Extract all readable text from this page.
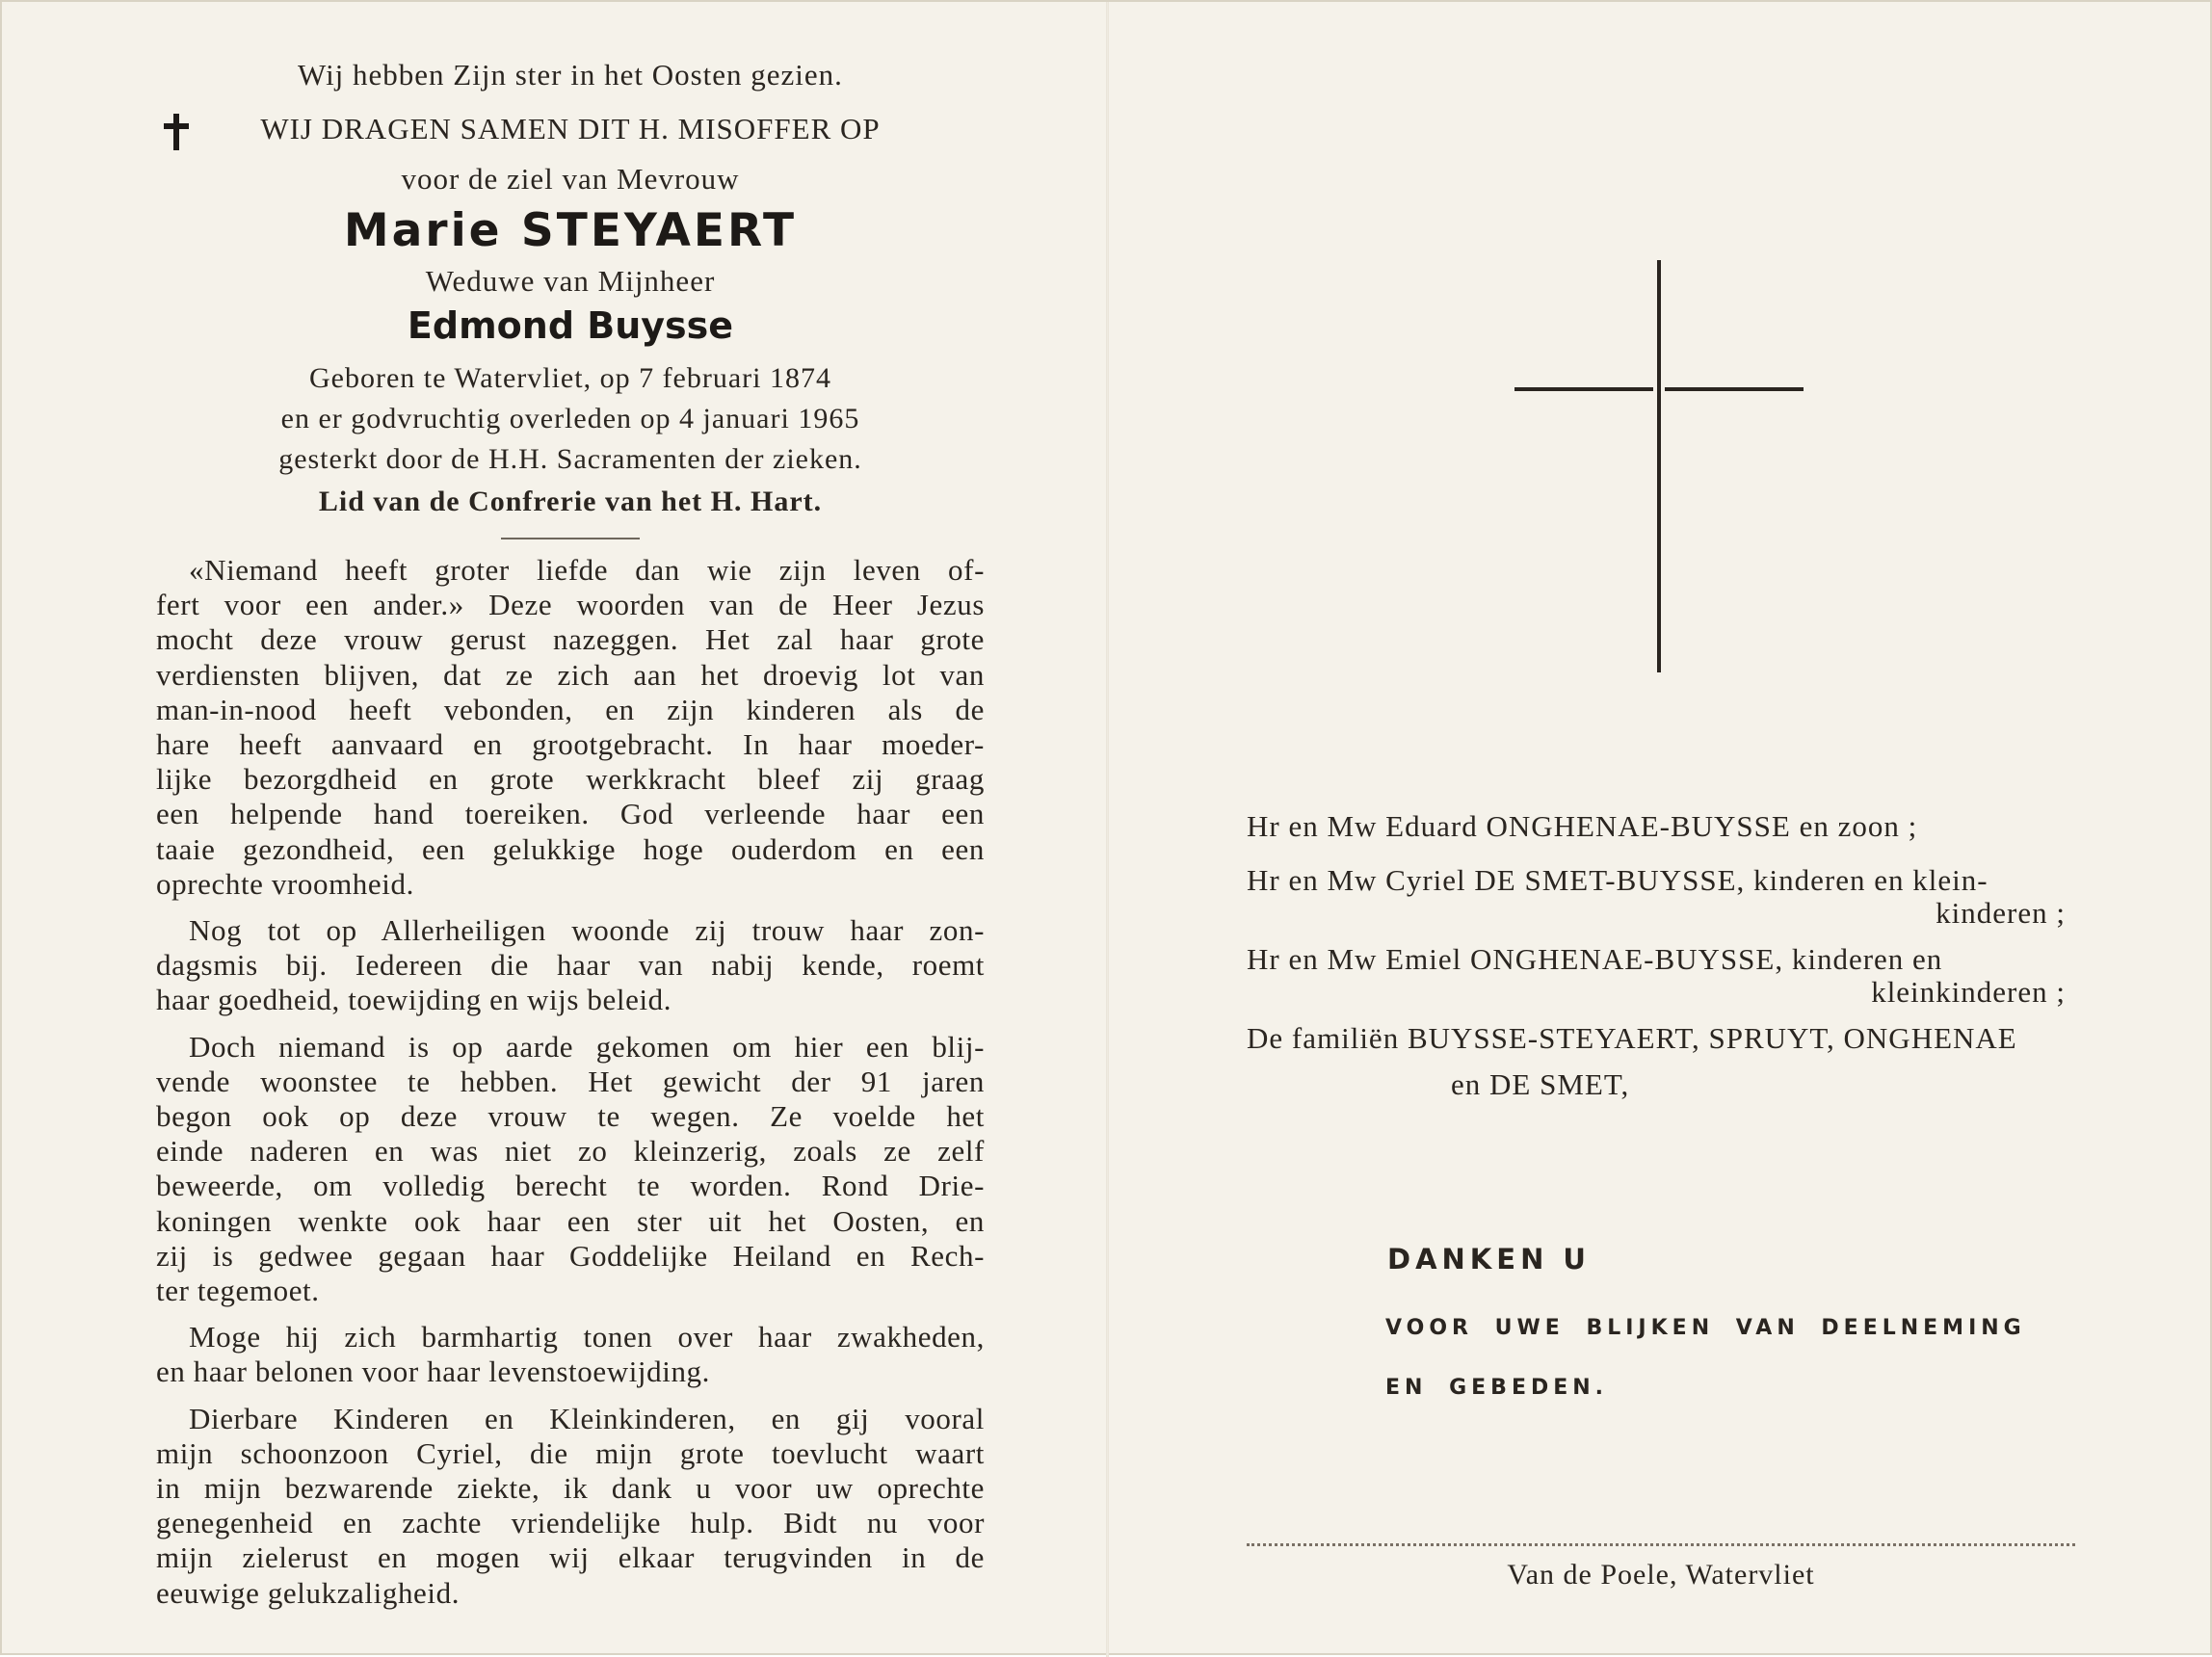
Wij hebben Zijn ster in het Oosten gezien.
WIJ DRAGEN SAMEN DIT H. MISOFFER OP
voor de ziel van Mevrouw
Marie STEYAERT
Weduwe van Mijnheer
Edmond Buysse
Geboren te Watervliet, op 7 februari 1874
en er godvruchtig overleden op 4 januari 1965
gesterkt door de H.H. Sacramenten der zieken.
Lid van de Confrerie van het H. Hart.
«Niemand heeft groter liefde dan wie zijn leven of-
fert voor een ander.» Deze woorden van de Heer Jezus
mocht deze vrouw gerust nazeggen. Het zal haar grote
verdiensten blijven, dat ze zich aan het droevig lot van
man-in-nood heeft vebonden, en zijn kinderen als de
hare heeft aanvaard en grootgebracht. In haar moeder-
lijke bezorgdheid en grote werkkracht bleef zij graag
een helpende hand toereiken. God verleende haar een
taaie gezondheid, een gelukkige hoge ouderdom en een
oprechte vroomheid.
Nog tot op Allerheiligen woonde zij trouw haar zon-
dagsmis bij. Iedereen die haar van nabij kende, roemt
haar goedheid, toewijding en wijs beleid.
Doch niemand is op aarde gekomen om hier een blij-
vende woonstee te hebben. Het gewicht der 91 jaren
begon ook op deze vrouw te wegen. Ze voelde het
einde naderen en was niet zo kleinzerig, zoals ze zelf
beweerde, om volledig berecht te worden. Rond Drie-
koningen wenkte ook haar een ster uit het Oosten, en
zij is gedwee gegaan haar Goddelijke Heiland en Rech-
ter tegemoet.
Moge hij zich barmhartig tonen over haar zwakheden,
en haar belonen voor haar levenstoewijding.
Dierbare Kinderen en Kleinkinderen, en gij vooral
mijn schoonzoon Cyriel, die mijn grote toevlucht waart
in mijn bezwarende ziekte, ik dank u voor uw oprechte
genegenheid en zachte vriendelijke hulp. Bidt nu voor
mijn zielerust en mogen wij elkaar terugvinden in de
eeuwige gelukzaligheid.
Hr en Mw Eduard ONGHENAE-BUYSSE en zoon ;
Hr en Mw Cyriel DE SMET-BUYSSE, kinderen en klein-
kinderen ;
Hr en Mw Emiel ONGHENAE-BUYSSE, kinderen en
kleinkinderen ;
De familiën BUYSSE-STEYAERT, SPRUYT, ONGHENAE
en DE SMET,
DANKEN U
VOOR UWE BLIJKEN VAN DEELNEMING
EN GEBEDEN.
Van de Poele, Watervliet
